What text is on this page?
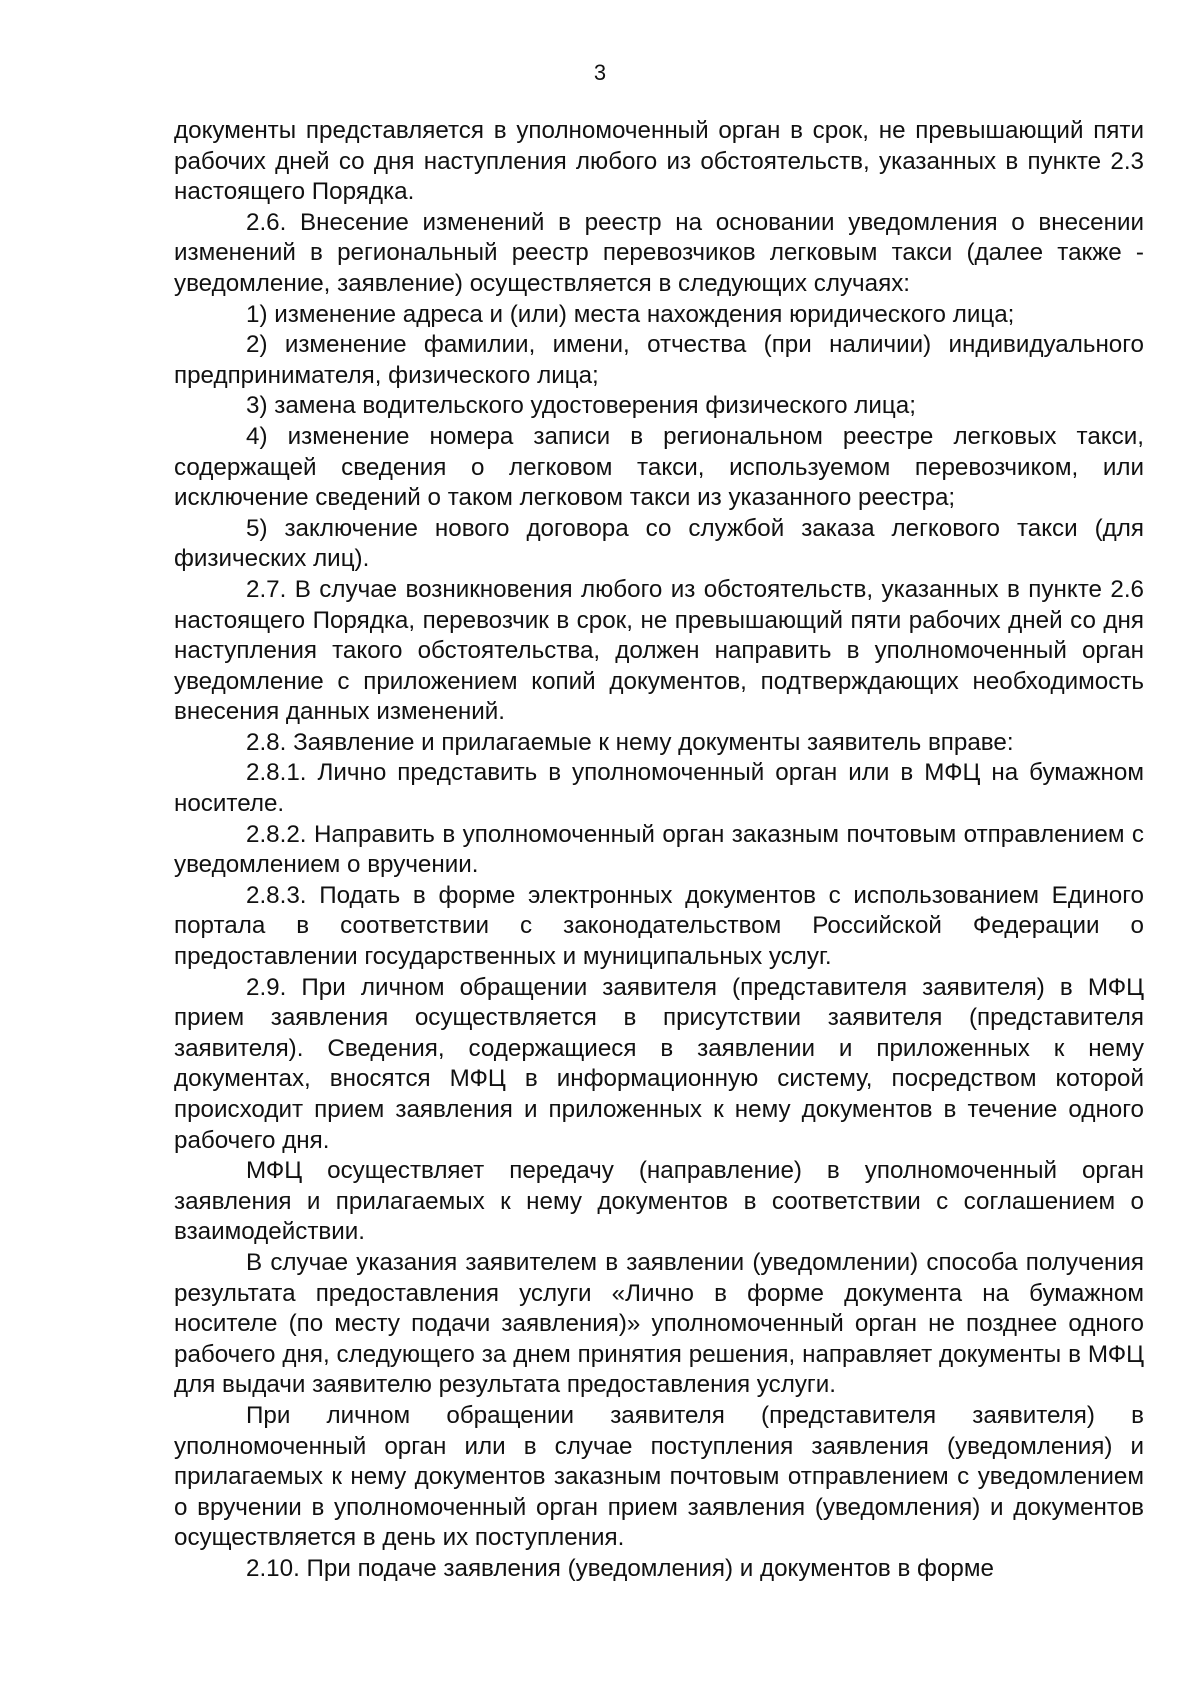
3

документы представляется в уполномоченный орган в срок, не превышающий пяти рабочих дней со дня наступления любого из обстоятельств, указанных в пункте 2.3 настоящего Порядка.

2.6. Внесение изменений в реестр на основании уведомления о внесении изменений в региональный реестр перевозчиков легковым такси (далее также - уведомление, заявление) осуществляется в следующих случаях:

1) изменение адреса и (или) места нахождения юридического лица;

2) изменение фамилии, имени, отчества (при наличии) индивидуального предпринимателя, физического лица;

3) замена водительского удостоверения физического лица;

4) изменение номера записи в региональном реестре легковых такси, содержащей сведения о легковом такси, используемом перевозчиком, или исключение сведений о таком легковом такси из указанного реестра;

5) заключение нового договора со службой заказа легкового такси (для физических лиц).

2.7. В случае возникновения любого из обстоятельств, указанных в пункте 2.6 настоящего Порядка, перевозчик в срок, не превышающий пяти рабочих дней со дня наступления такого обстоятельства, должен направить в уполномоченный орган уведомление с приложением копий документов, подтверждающих необходимость внесения данных изменений.

2.8. Заявление и прилагаемые к нему документы заявитель вправе:

2.8.1. Лично представить в уполномоченный орган или в МФЦ на бумажном носителе.

2.8.2. Направить в уполномоченный орган заказным почтовым отправлением с уведомлением о вручении.

2.8.3. Подать в форме электронных документов с использованием Единого портала в соответствии с законодательством Российской Федерации о предоставлении государственных и муниципальных услуг.

2.9. При личном обращении заявителя (представителя заявителя) в МФЦ прием заявления осуществляется в присутствии заявителя (представителя заявителя). Сведения, содержащиеся в заявлении и приложенных к нему документах, вносятся МФЦ в информационную систему, посредством которой происходит прием заявления и приложенных к нему документов в течение одного рабочего дня.

МФЦ осуществляет передачу (направление) в уполномоченный орган заявления и прилагаемых к нему документов в соответствии с соглашением о взаимодействии.

В случае указания заявителем в заявлении (уведомлении) способа получения результата предоставления услуги «Лично в форме документа на бумажном носителе (по месту подачи заявления)» уполномоченный орган не позднее одного рабочего дня, следующего за днем принятия решения, направляет документы в МФЦ для выдачи заявителю результата предоставления услуги.

При личном обращении заявителя (представителя заявителя) в уполномоченный орган или в случае поступления заявления (уведомления) и прилагаемых к нему документов заказным почтовым отправлением с уведомлением о вручении в уполномоченный орган прием заявления (уведомления) и документов осуществляется в день их поступления.

2.10. При подаче заявления (уведомления) и документов в форме
